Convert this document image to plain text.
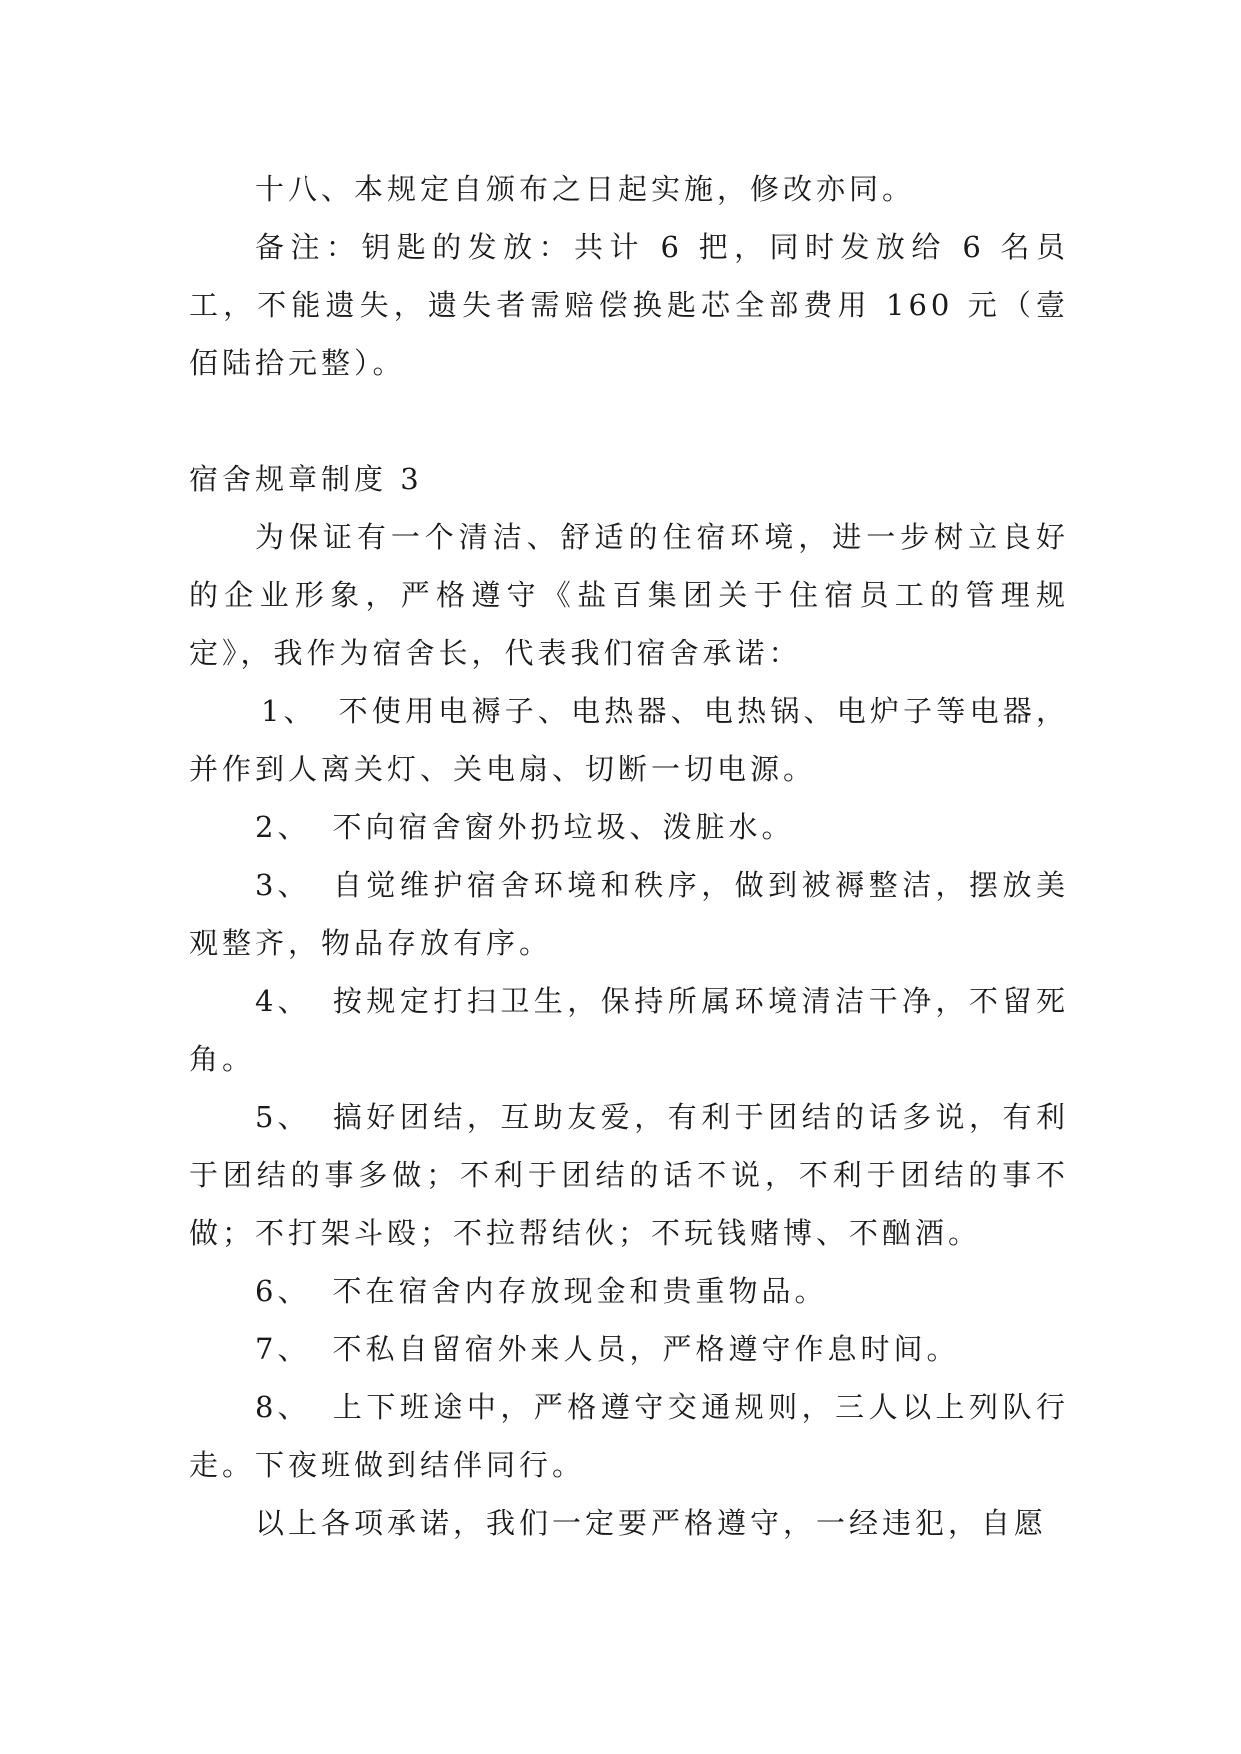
十八、本规定自颁布之日起实施，修改亦同。

备注：钥匙的发放：共计 6 把，同时发放给 6 名员工，不能遗失，遗失者需赔偿换匙芯全部费用 160 元（壹佰陆拾元整）。

宿舍规章制度 3

为保证有一个清洁、舒适的住宿环境，进一步树立良好的企业形象，严格遵守《盐百集团关于住宿员工的管理规定》，我作为宿舍长，代表我们宿舍承诺：

1、 不使用电褥子、电热器、电热锅、电炉子等电器，并作到人离关灯、关电扇、切断一切电源。

2、 不向宿舍窗外扔垃圾、泼脏水。

3、 自觉维护宿舍环境和秩序，做到被褥整洁，摆放美观整齐，物品存放有序。

4、 按规定打扫卫生，保持所属环境清洁干净，不留死角。

5、 搞好团结，互助友爱，有利于团结的话多说，有利于团结的事多做；不利于团结的话不说，不利于团结的事不做；不打架斗殴；不拉帮结伙；不玩钱赌博、不酗酒。

6、 不在宿舍内存放现金和贵重物品。

7、 不私自留宿外来人员，严格遵守作息时间。

8、 上下班途中，严格遵守交通规则，三人以上列队行走。下夜班做到结伴同行。

以上各项承诺，我们一定要严格遵守，一经违犯，自愿
